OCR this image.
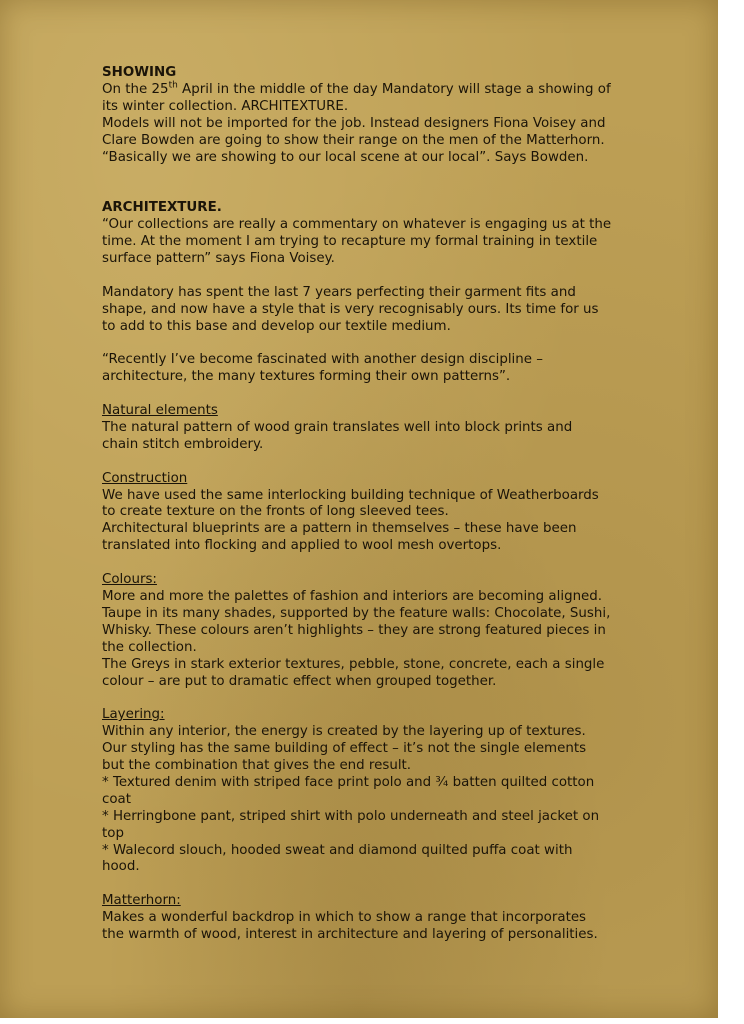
SHOWING

On the 25th April in the middle of the day Mandatory will stage a showing of its winter collection. ARCHITEXTURE.

Models will not be imported for the job. Instead designers Fiona Voisey and Clare Bowden are going to show their range on the men of the Matterhorn. “Basically we are showing to our local scene at our local”. Says Bowden.

ARCHITEXTURE.

“Our collections are really a commentary on whatever is engaging us at the time. At the moment I am trying to recapture my formal training in textile surface pattern” says Fiona Voisey.

Mandatory has spent the last 7 years perfecting their garment fits and shape, and now have a style that is very recognisably ours. Its time for us to add to this base and develop our textile medium.

“Recently I’ve become fascinated with another design discipline – architecture, the many textures forming their own patterns”.

Natural elements

The natural pattern of wood grain translates well into block prints and chain stitch embroidery.

Construction

We have used the same interlocking building technique of Weatherboards to create texture on the fronts of long sleeved tees.

Architectural blueprints are a pattern in themselves – these have been translated into flocking and applied to wool mesh overtops.

Colours:

More and more the palettes of fashion and interiors are becoming aligned. Taupe in its many shades, supported by the feature walls: Chocolate, Sushi, Whisky. These colours aren’t highlights – they are strong featured pieces in the collection.

The Greys in stark exterior textures, pebble, stone, concrete, each a single colour – are put to dramatic effect when grouped together.

Layering:

Within any interior, the energy is created by the layering up of textures.

Our styling has the same building of effect – it’s not the single elements but the combination that gives the end result.

* Textured denim with striped face print polo and ¾ batten quilted cotton coat

* Herringbone pant, striped shirt with polo underneath and steel jacket on top

* Walecord slouch, hooded sweat and diamond quilted puffa coat with hood.

Matterhorn:

Makes a wonderful backdrop in which to show a range that incorporates the warmth of wood, interest in architecture and layering of personalities.
